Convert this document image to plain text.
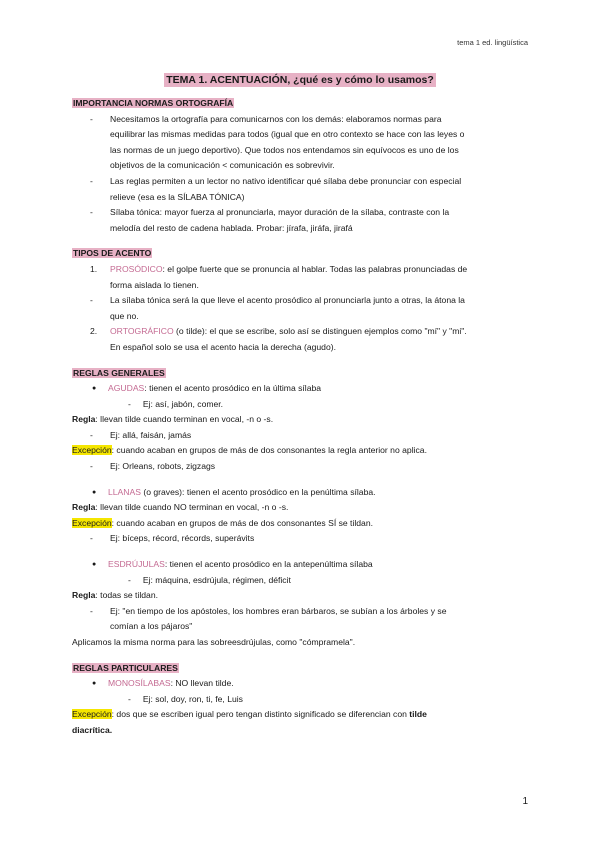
tema 1 ed. lingüística
TEMA 1. ACENTUACIÓN, ¿qué es y cómo lo usamos?
IMPORTANCIA NORMAS ORTOGRAFÍA
- Necesitamos la ortografía para comunicarnos con los demás: elaboramos normas para
equilibrar las mismas medidas para todos (igual que en otro contexto se hace con las leyes o
las normas de un juego deportivo). Que todos nos entendamos sin equívocos es uno de los
objetivos de la comunicación < comunicación es sobrevivir.
- Las reglas permiten a un lector no nativo identificar qué sílaba debe pronunciar con especial
relieve (esa es la SÍLABA TÓNICA)
- Sílaba tónica: mayor fuerza al pronunciarla, mayor duración de la sílaba, contraste con la
melodía del resto de cadena hablada. Probar: jírafa, jiráfa, jirafá
TIPOS DE ACENTO
1. PROSÓDICO: el golpe fuerte que se pronuncia al hablar. Todas las palabras pronunciadas de
forma aislada lo tienen.
- La sílaba tónica será la que lleve el acento prosódico al pronunciarla junto a otras, la átona la
que no.
2. ORTOGRÁFICO (o tilde): el que se escribe, solo así se distinguen ejemplos como "mí" y "mi".
En español solo se usa el acento hacia la derecha (agudo).
REGLAS GENERALES
●	AGUDAS: tienen el acento prosódico en la última sílaba
-     Ej: así, jabón, comer.
Regla: llevan tilde cuando terminan en vocal, -n o -s.
-	Ej: allá, faisán, jamás
Excepción: cuando acaban en grupos de más de dos consonantes la regla anterior no aplica.
-	Ej: Orleans, robots, zigzags
●	LLANAS (o graves): tienen el acento prosódico en la penúltima sílaba.
Regla: llevan tilde cuando NO terminan en vocal, -n o -s.
Excepción: cuando acaban en grupos de más de dos consonantes SÍ se tildan.
-	Ej: bíceps, récord, récords, superávits
●	ESDRÚJULAS: tienen el acento prosódico en la antepenúltima sílaba
-     Ej: máquina, esdrújula, régimen, déficit
Regla: todas se tildan.
- Ej: "en tiempo de los apóstoles, los hombres eran bárbaros, se subían a los árboles y se
comían a los pájaros"
Aplicamos la misma norma para las sobreesdrújulas, como "cómpramela".
REGLAS PARTICULARES
●	MONOSÍLABAS: NO llevan tilde.
-     Ej: sol, doy, ron, ti, fe, Luis
Excepción: dos que se escriben igual pero tengan distinto significado se diferencian con tilde
diacrítica.
1
